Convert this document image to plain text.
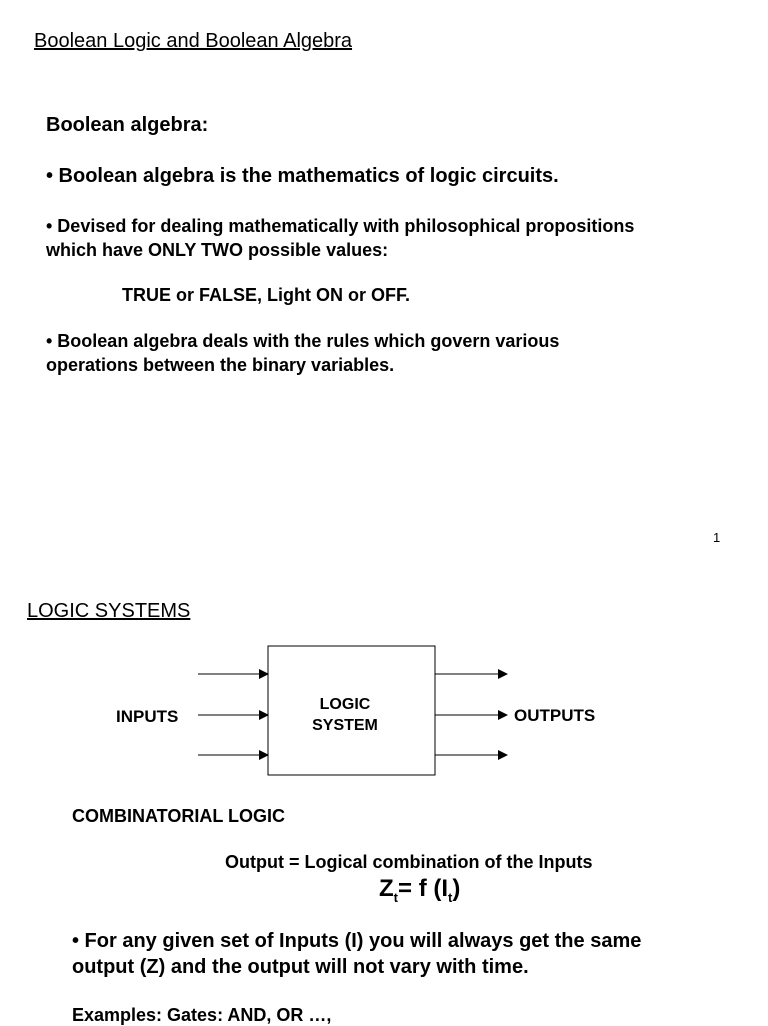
Boolean Logic and Boolean Algebra
Boolean algebra:
• Boolean algebra is the mathematics of logic circuits.
• Devised for dealing mathematically with philosophical propositions
which have ONLY TWO possible values:
TRUE or FALSE, Light ON or OFF.
• Boolean algebra deals with the rules which govern various
operations between the binary variables.
1
LOGIC SYSTEMS
INPUTS
LOGIC
SYSTEM
OUTPUTS
COMBINATORIAL LOGIC
Output = Logical combination of the Inputs
$Z_t= f$ $(I_t)$
• For any given set of Inputs (I) you will always get the same
output (Z) and the output will not vary with time.
Examples: Gates: AND, OR …,
